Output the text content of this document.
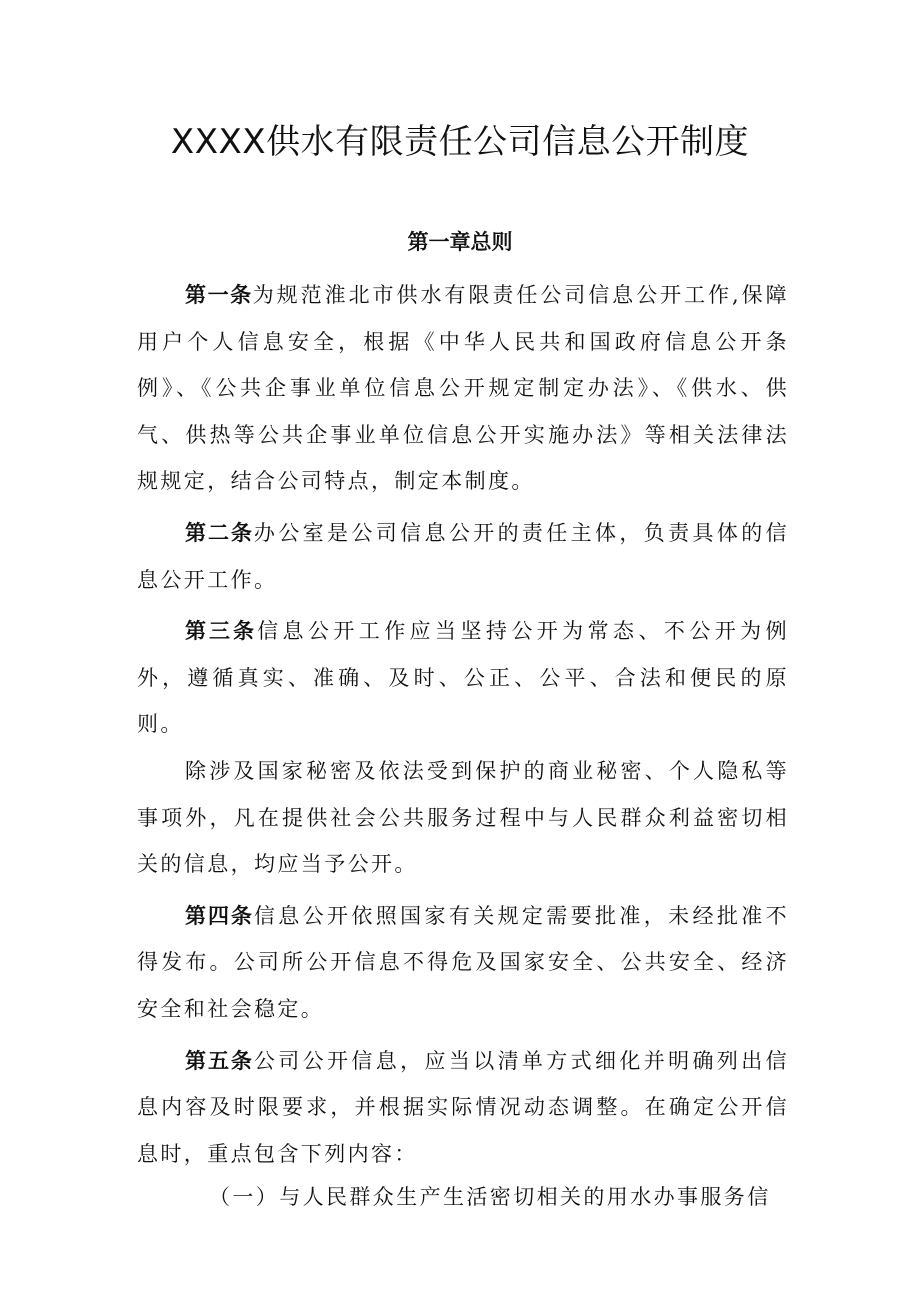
XXXX供水有限责任公司信息公开制度
第一章总则

第一条为规范淮北市供水有限责任公司信息公开工作,保障用户个人信息安全，根据《中华人民共和国政府信息公开条例》、《公共企事业单位信息公开规定制定办法》、《供水、供气、供热等公共企事业单位信息公开实施办法》等相关法律法规规定，结合公司特点，制定本制度。

第二条办公室是公司信息公开的责任主体，负责具体的信息公开工作。

第三条信息公开工作应当坚持公开为常态、不公开为例外，遵循真实、准确、及时、公正、公平、合法和便民的原则。

除涉及国家秘密及依法受到保护的商业秘密、个人隐私等事项外，凡在提供社会公共服务过程中与人民群众利益密切相关的信息，均应当予公开。

第四条信息公开依照国家有关规定需要批准，未经批准不得发布。公司所公开信息不得危及国家安全、公共安全、经济安全和社会稳定。

第五条公司公开信息，应当以清单方式细化并明确列出信息内容及时限要求，并根据实际情况动态调整。在确定公开信息时，重点包含下列内容：

（一）与人民群众生产生活密切相关的用水办事服务信
